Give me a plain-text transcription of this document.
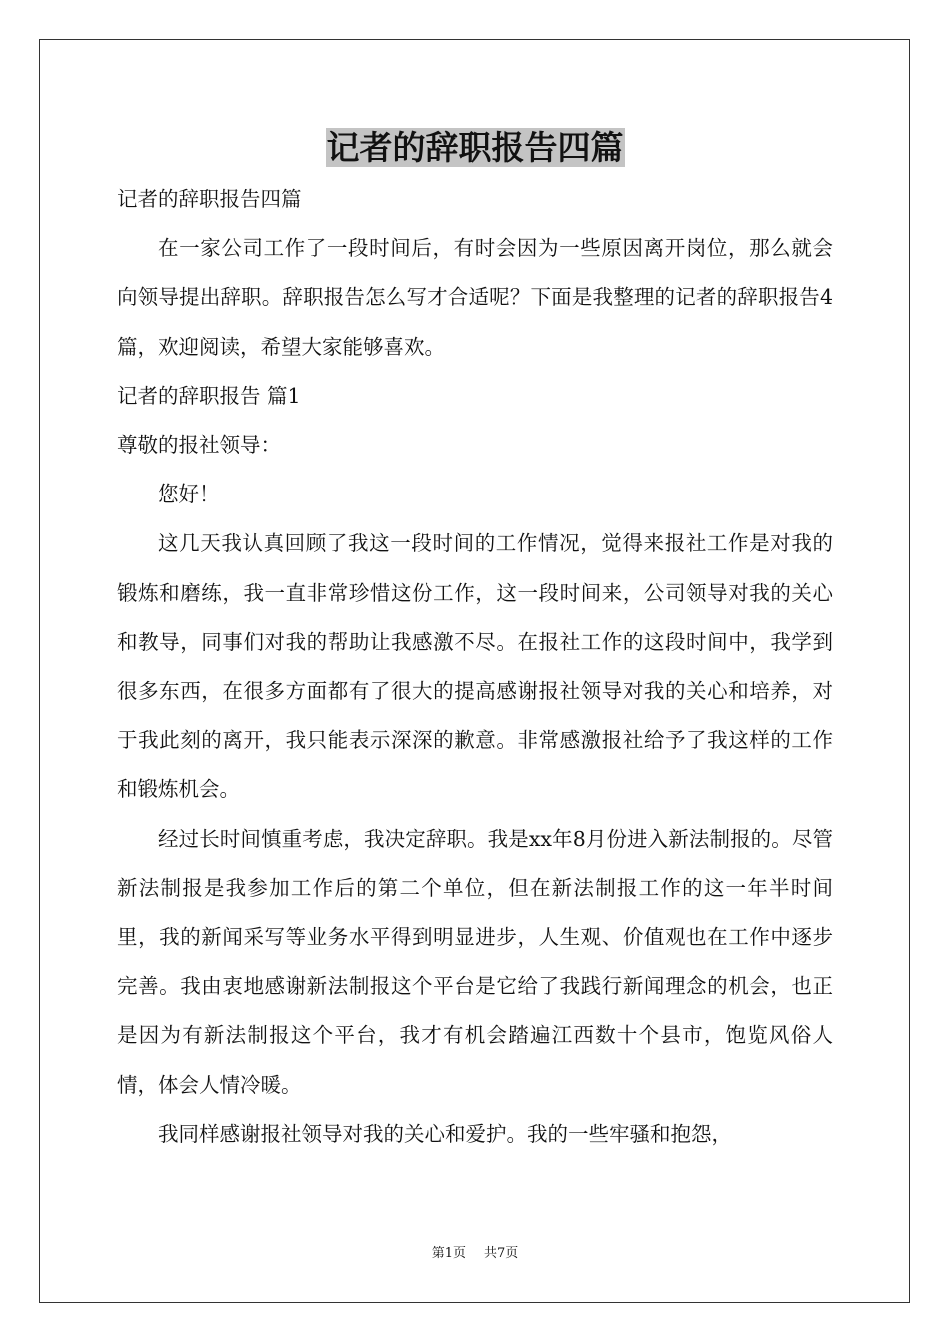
记者的辞职报告四篇

记者的辞职报告四篇

在一家公司工作了一段时间后，有时会因为一些原因离开岗位，那么就会向领导提出辞职。辞职报告怎么写才合适呢？下面是我整理的记者的辞职报告4篇，欢迎阅读，希望大家能够喜欢。

记者的辞职报告 篇1

尊敬的报社领导：

您好！

这几天我认真回顾了我这一段时间的工作情况，觉得来报社工作是对我的锻炼和磨练，我一直非常珍惜这份工作，这一段时间来，公司领导对我的关心和教导，同事们对我的帮助让我感激不尽。在报社工作的这段时间中，我学到很多东西，在很多方面都有了很大的提高感谢报社领导对我的关心和培养，对于我此刻的离开，我只能表示深深的歉意。非常感激报社给予了我这样的工作和锻炼机会。

经过长时间慎重考虑，我决定辞职。我是xx年8月份进入新法制报的。尽管新法制报是我参加工作后的第二个单位，但在新法制报工作的这一年半时间里，我的新闻采写等业务水平得到明显进步，人生观、价值观也在工作中逐步完善。我由衷地感谢新法制报这个平台是它给了我践行新闻理念的机会，也正是因为有新法制报这个平台，我才有机会踏遍江西数十个县市，饱览风俗人情，体会人情冷暖。

我同样感谢报社领导对我的关心和爱护。我的一些牢骚和抱怨，

第1页 共7页
